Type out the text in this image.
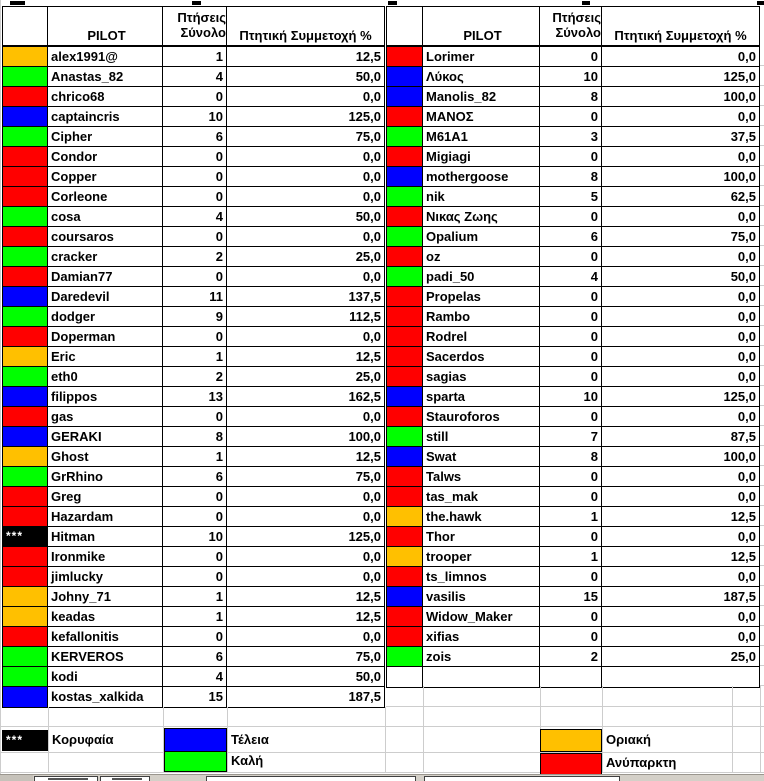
PILOT
Πτήσεις
Σύνολο	Πτητική Συμμετοχή %
alex1991@	1	12,5
Anastas_82	4	50,0
chrico68	0	0,0
captaincris	10	125,0
Cipher	6	75,0
Condor	0	0,0
Copper	0	0,0
Corleone	0	0,0
cosa	4	50,0
coursaros	0	0,0
cracker	2	25,0
Damian77	0	0,0
Daredevil	11	137,5
dodger	9	112,5
Doperman	0	0,0
Eric	1	12,5
eth0	2	25,0
filippos	13	162,5
gas	0	0,0
GERAKI	8	100,0
Ghost	1	12,5
GrRhino	6	75,0
Greg	0	0,0
Hazardam	0	0,0
***	Hitman	10	125,0
Ironmike	0	0,0
jimlucky	0	0,0
Johny_71	1	12,5
keadas	1	12,5
kefallonitis	0	0,0
KERVEROS	6	75,0
kodi	4	50,0
kostas_xalkida	15	187,5
PILOT
Πτήσεις
Σύνολο	Πτητική Συμμετοχή %
Lorimer	0	0,0
Λύκος	10	125,0
Manolis_82	8	100,0
ΜΑΝΟΣ	0	0,0
M61A1	3	37,5
Migiagi	0	0,0
mothergoose	8	100,0
nik	5	62,5
Νικας Ζωης	0	0,0
Opalium	6	75,0
oz	0	0,0
padi_50	4	50,0
Propelas	0	0,0
Rambo	0	0,0
Rodrel	0	0,0
Sacerdos	0	0,0
sagias	0	0,0
sparta	10	125,0
Stauroforos	0	0,0
still	7	87,5
Swat	8	100,0
Talws	0	0,0
tas_mak	0	0,0
the.hawk	1	12,5
Thor	0	0,0
trooper	1	12,5
ts_limnos	0	0,0
vasilis	15	187,5
Widow_Maker	0	0,0
xifias	0	0,0
zois	2	25,0
***	Κορυφαία	Τέλεια
Καλή
Οριακή
Ανύπαρκτη
